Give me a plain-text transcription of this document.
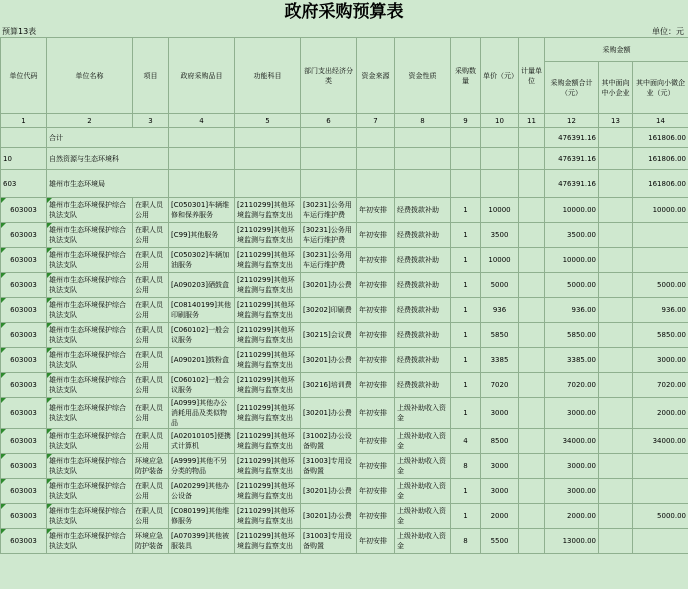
政府采购预算表
预算13表	单位：元
单位代码	单位名称	项目	政府采购品目	功能科目	部门支出经济分类	资金来源	资金性质	采购数量	单价（元）	计量单位	采购金额		
											采购金额合计（元）	其中面向中小企业	其中面向小微企业（元）
1	2	3	4	5	6	7	8	9	10	11	12	13	14
	合计										476391.16		161806.00
10	自然资源与生态环境科										476391.16		161806.00
603	雄州市生态环境局										476391.16		161806.00
603003	雄州市生态环境保护综合执法支队	在职人员公用	[C050301]车辆维修和保养服务	[2110299]其他环境监测与监察支出	[30231]公务用车运行维护费	年初安排	经费拨款补助	1	10000		10000.00		10000.00
603003	雄州市生态环境保护综合执法支队	在职人员公用	[C99]其他服务	[2110299]其他环境监测与监察支出	[30231]公务用车运行维护费	年初安排	经费拨款补助	1	3500		3500.00		
603003	雄州市生态环境保护综合执法支队	在职人员公用	[C050302]车辆加油服务	[2110299]其他环境监测与监察支出	[30231]公务用车运行维护费	年初安排	经费拨款补助	1	10000		10000.00		
603003	雄州市生态环境保护综合执法支队	在职人员公用	[A090203]硒鼓盒	[2110299]其他环境监测与监察支出	[30201]办公费	年初安排	经费拨款补助	1	5000		5000.00		5000.00
603003	雄州市生态环境保护综合执法支队	在职人员公用	[C08140199]其他印刷服务	[2110299]其他环境监测与监察支出	[30202]印刷费	年初安排	经费拨款补助	1	936		936.00		936.00
603003	雄州市生态环境保护综合执法支队	在职人员公用	[C060102]一般会议服务	[2110299]其他环境监测与监察支出	[30215]会议费	年初安排	经费拨款补助	1	5850		5850.00		5850.00
603003	雄州市生态环境保护综合执法支队	在职人员公用	[A090201]鼓粉盒	[2110299]其他环境监测与监察支出	[30201]办公费	年初安排	经费拨款补助	1	3385		3385.00		3000.00
603003	雄州市生态环境保护综合执法支队	在职人员公用	[C060102]一般会议服务	[2110299]其他环境监测与监察支出	[30216]培训费	年初安排	经费拨款补助	1	7020		7020.00		7020.00
603003	雄州市生态环境保护综合执法支队	在职人员公用	[A0999]其他办公消耗用品及类似物品	[2110299]其他环境监测与监察支出	[30201]办公费	年初安排	上级补助收入资金	1	3000		3000.00		2000.00
603003	雄州市生态环境保护综合执法支队	在职人员公用	[A02010105]便携式计算机	[2110299]其他环境监测与监察支出	[31002]办公设备购置	年初安排	上级补助收入资金	4	8500		34000.00		34000.00
603003	雄州市生态环境保护综合执法支队	环境应急防护装备	[A9999]其他不另分类的物品	[2110299]其他环境监测与监察支出	[31003]专用设备购置	年初安排	上级补助收入资金	8	3000		3000.00		
603003	雄州市生态环境保护综合执法支队	在职人员公用	[A020299]其他办公设备	[2110299]其他环境监测与监察支出	[30201]办公费	年初安排	上级补助收入资金	1	3000		3000.00		
603003	雄州市生态环境保护综合执法支队	在职人员公用	[C080199]其他维修服务	[2110299]其他环境监测与监察支出	[30201]办公费	年初安排	上级补助收入资金	1	2000		2000.00		5000.00
603003	雄州市生态环境保护综合执法支队	环境应急防护装备	[A070399]其他被服装具	[2110299]其他环境监测与监察支出	[31003]专用设备购置	年初安排	上级补助收入资金	8	5500		13000.00		
